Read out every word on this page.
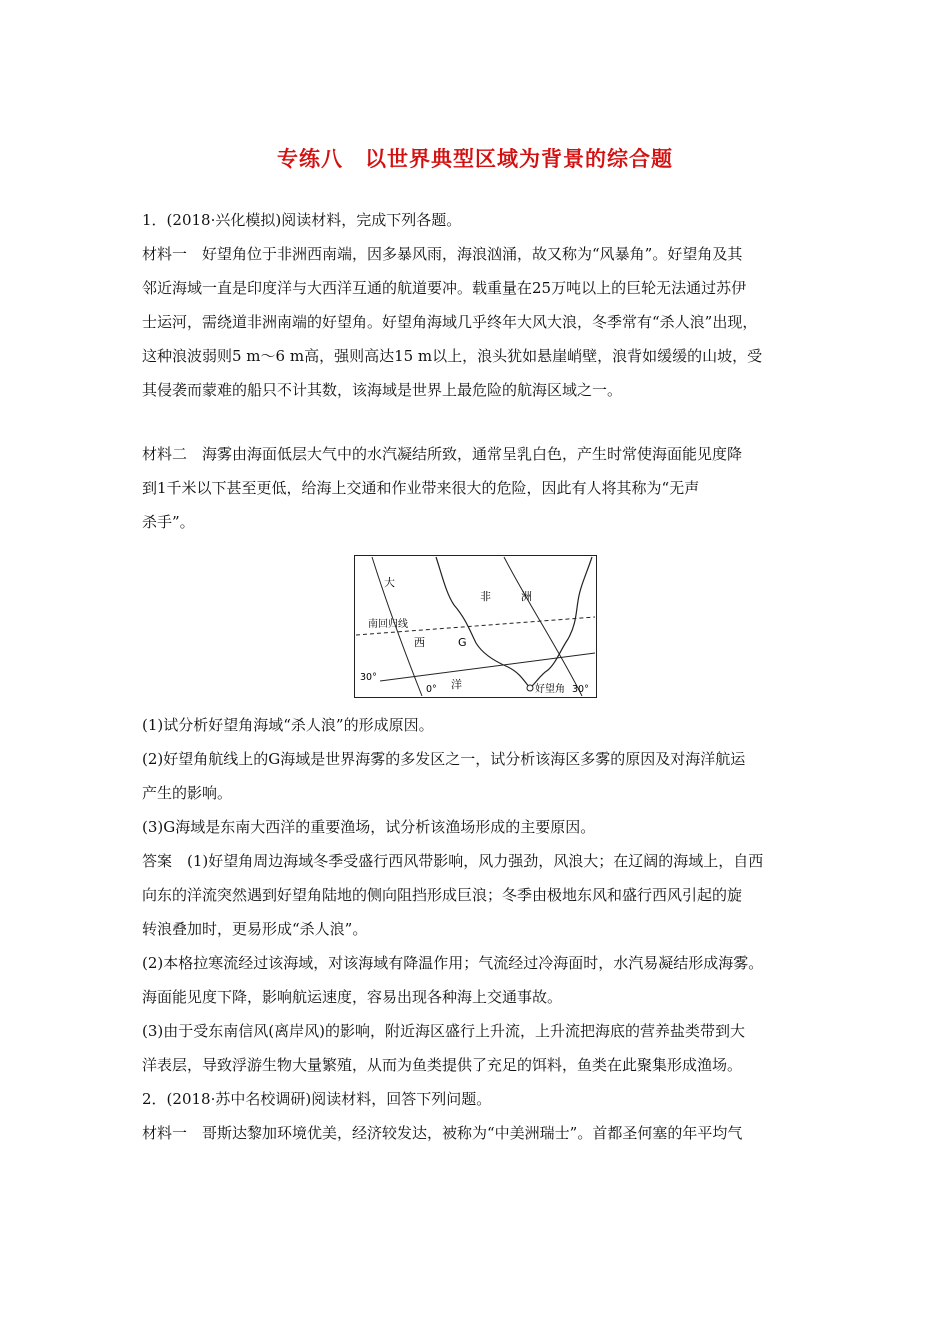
专练八　以世界典型区域为背景的综合题
1．(2018·兴化模拟)阅读材料，完成下列各题。
材料一　好望角位于非洲西南端，因多暴风雨，海浪汹涌，故又称为“风暴角”。好望角及其
邻近海域一直是印度洋与大西洋互通的航道要冲。载重量在25万吨以上的巨轮无法通过苏伊
士运河，需绕道非洲南端的好望角。好望角海域几乎终年大风大浪，冬季常有“杀人浪”出现，
这种浪波弱则5 m～6 m高，强则高达15 m以上，浪头犹如悬崖峭壁，浪背如缓缓的山坡，受
其侵袭而蒙难的船只不计其数，该海域是世界上最危险的航海区域之一。
材料二　海雾由海面低层大气中的水汽凝结所致，通常呈乳白色，产生时常使海面能见度降
到1千米以下甚至更低，给海上交通和作业带来很大的危险，因此有人将其称为“无声
杀手”。
大
西
洋
非	洲
G
南回归线
30°
0°	好望角 30°
(1)试分析好望角海域“杀人浪”的形成原因。
(2)好望角航线上的G海域是世界海雾的多发区之一，试分析该海区多雾的原因及对海洋航运
产生的影响。
(3)G海域是东南大西洋的重要渔场，试分析该渔场形成的主要原因。
答案　(1)好望角周边海域冬季受盛行西风带影响，风力强劲，风浪大；在辽阔的海域上，自西
向东的洋流突然遇到好望角陆地的侧向阻挡形成巨浪；冬季由极地东风和盛行西风引起的旋
转浪叠加时，更易形成“杀人浪”。
(2)本格拉寒流经过该海域，对该海域有降温作用；气流经过冷海面时，水汽易凝结形成海雾。
海面能见度下降，影响航运速度，容易出现各种海上交通事故。
(3)由于受东南信风(离岸风)的影响，附近海区盛行上升流，上升流把海底的营养盐类带到大
洋表层，导致浮游生物大量繁殖，从而为鱼类提供了充足的饵料，鱼类在此聚集形成渔场。
2．(2018·苏中名校调研)阅读材料，回答下列问题。
材料一　哥斯达黎加环境优美，经济较发达，被称为“中美洲瑞士”。首都圣何塞的年平均气
